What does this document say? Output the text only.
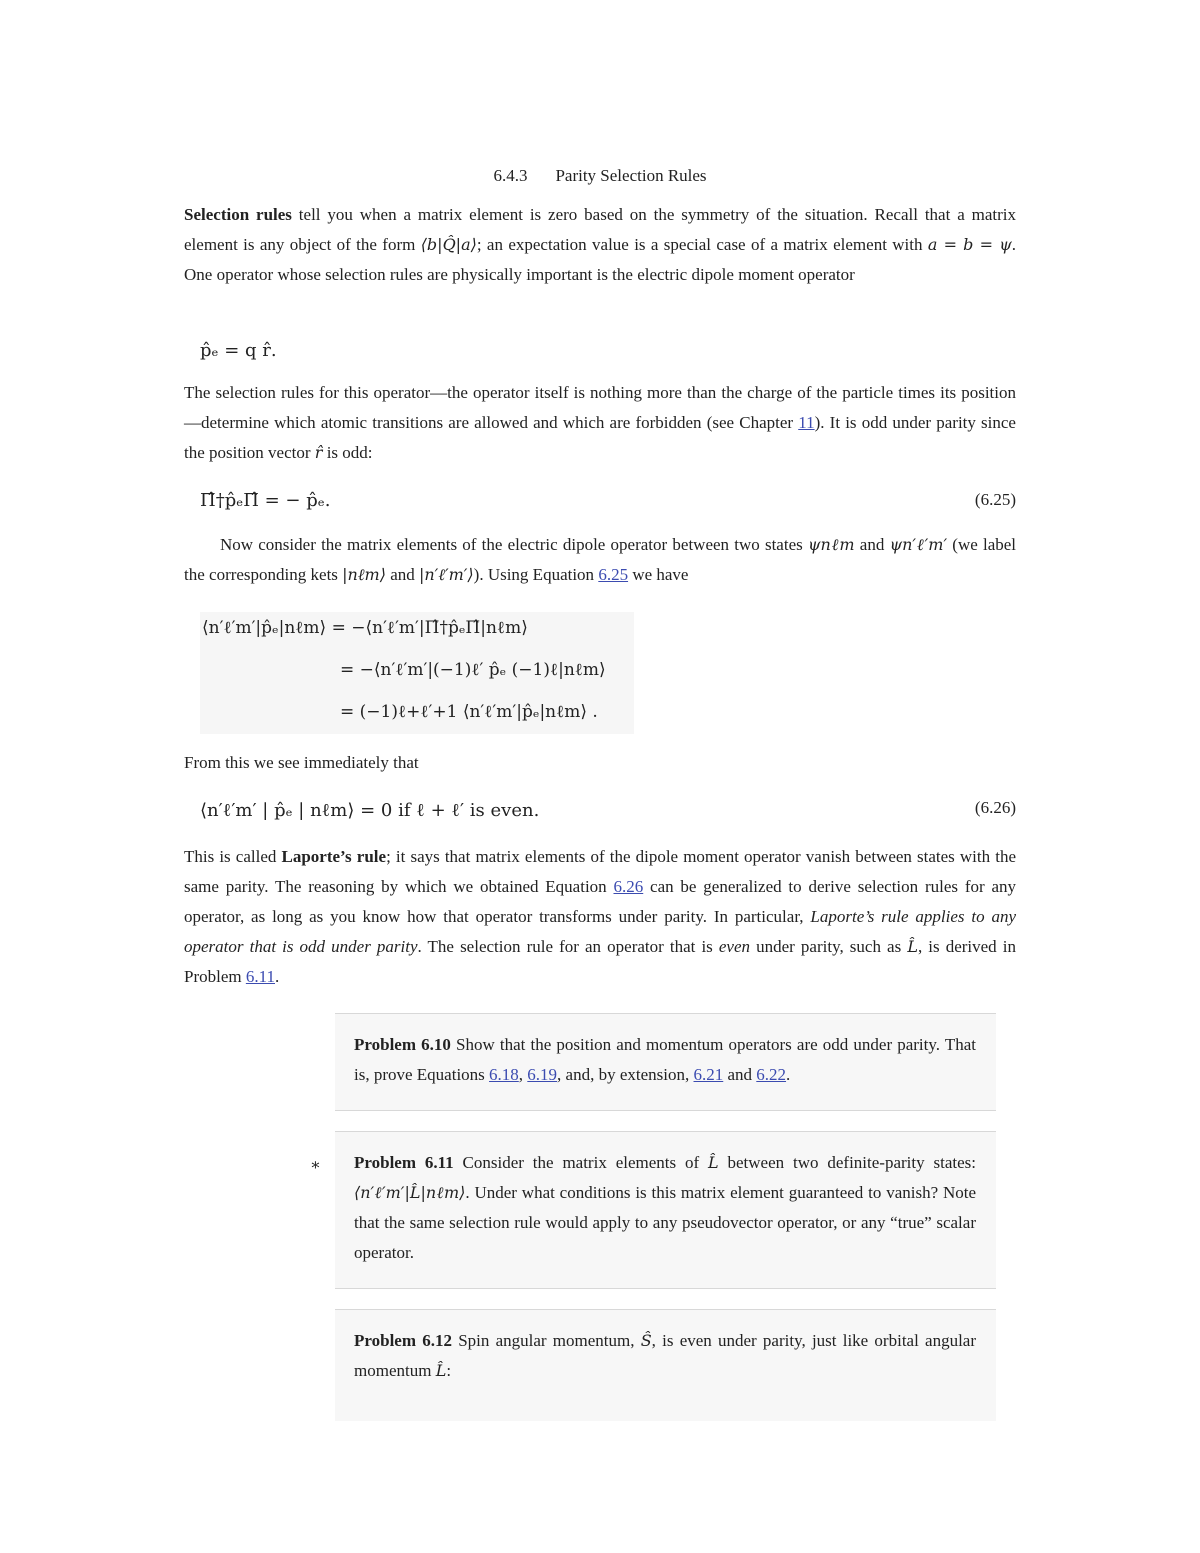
6.4.3 Parity Selection Rules

Selection rules tell you when a matrix element is zero based on the symmetry of the situation. Recall that a matrix element is any object of the form ⟨b|Q̂|a⟩; an expectation value is a special case of a matrix element with a = b = ψ. One operator whose selection rules are physically important is the electric dipole moment operator

p̂ₑ = q r̂.

The selection rules for this operator—the operator itself is nothing more than the charge of the particle times its position—determine which atomic transitions are allowed and which are forbidden (see Chapter 11). It is odd under parity since the position vector r̂ is odd:

Π̂†p̂ₑΠ̂ = − p̂ₑ.	(6.25)

Now consider the matrix elements of the electric dipole operator between two states ψnℓm and ψn′ℓ′m′ (we label the corresponding kets |nℓm⟩ and |n′ℓ′m′⟩). Using Equation 6.25 we have

⟨n′ℓ′m′|p̂ₑ|nℓm⟩ = −⟨n′ℓ′m′|Π̂†p̂ₑΠ̂|nℓm⟩
= −⟨n′ℓ′m′|(−1)ℓ′ p̂ₑ (−1)ℓ|nℓm⟩
= (−1)ℓ+ℓ′+1 ⟨n′ℓ′m′|p̂ₑ|nℓm⟩ .

From this we see immediately that

⟨n′ℓ′m′ | p̂ₑ | nℓm⟩ = 0 if ℓ + ℓ′ is even.	(6.26)

This is called Laporte’s rule; it says that matrix elements of the dipole moment operator vanish between states with the same parity. The reasoning by which we obtained Equation 6.26 can be generalized to derive selection rules for any operator, as long as you know how that operator transforms under parity. In particular, Laporte’s rule applies to any operator that is odd under parity. The selection rule for an operator that is even under parity, such as L̂, is derived in Problem 6.11.

Problem 6.10 Show that the position and momentum operators are odd under parity. That is, prove Equations 6.18, 6.19, and, by extension, 6.21 and 6.22.

∗ Problem 6.11 Consider the matrix elements of L̂ between two definite-parity states: ⟨n′ℓ′m′|L̂|nℓm⟩. Under what conditions is this matrix element guaranteed to vanish? Note that the same selection rule would apply to any pseudovector operator, or any “true” scalar operator.

Problem 6.12 Spin angular momentum, Ŝ, is even under parity, just like orbital angular momentum L̂:
